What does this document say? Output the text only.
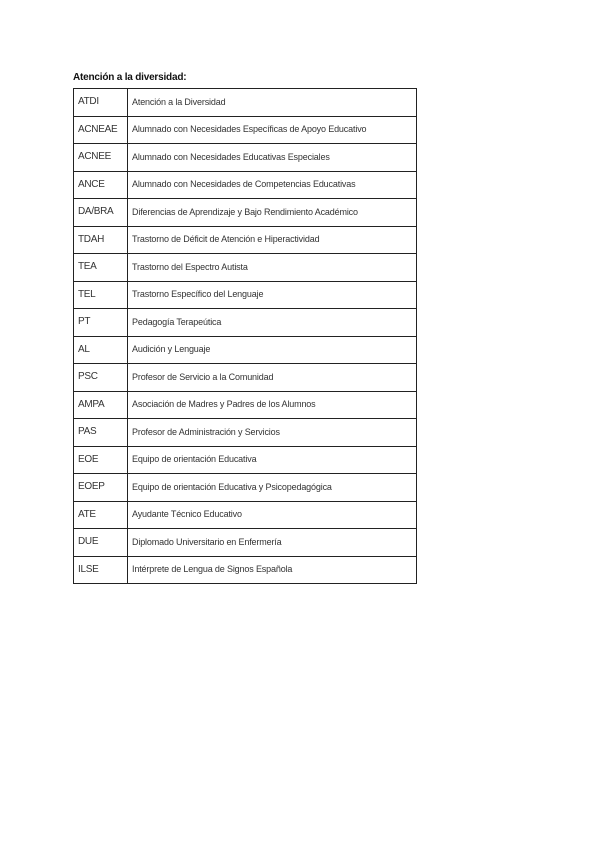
Atención a la diversidad:
ATDI	Atención a la Diversidad
ACNEAE	Alumnado con Necesidades Específicas de Apoyo Educativo
ACNEE	Alumnado con Necesidades Educativas Especiales
ANCE	Alumnado con Necesidades de Competencias Educativas
DA/BRA	Diferencias de Aprendizaje y Bajo Rendimiento Académico
TDAH	Trastorno de Déficit de Atención e Hiperactividad
TEA	Trastorno del Espectro Autista
TEL	Trastorno Específico del Lenguaje
PT	Pedagogía Terapeútica
AL	Audición y Lenguaje
PSC	Profesor de Servicio a la Comunidad
AMPA	Asociación de Madres y Padres de los Alumnos
PAS	Profesor de Administración y Servicios
EOE	Equipo de orientación Educativa
EOEP	Equipo de orientación Educativa y Psicopedagógica
ATE	Ayudante Técnico Educativo
DUE	Diplomado Universitario en Enfermería
ILSE	Intérprete de Lengua de Signos Española
